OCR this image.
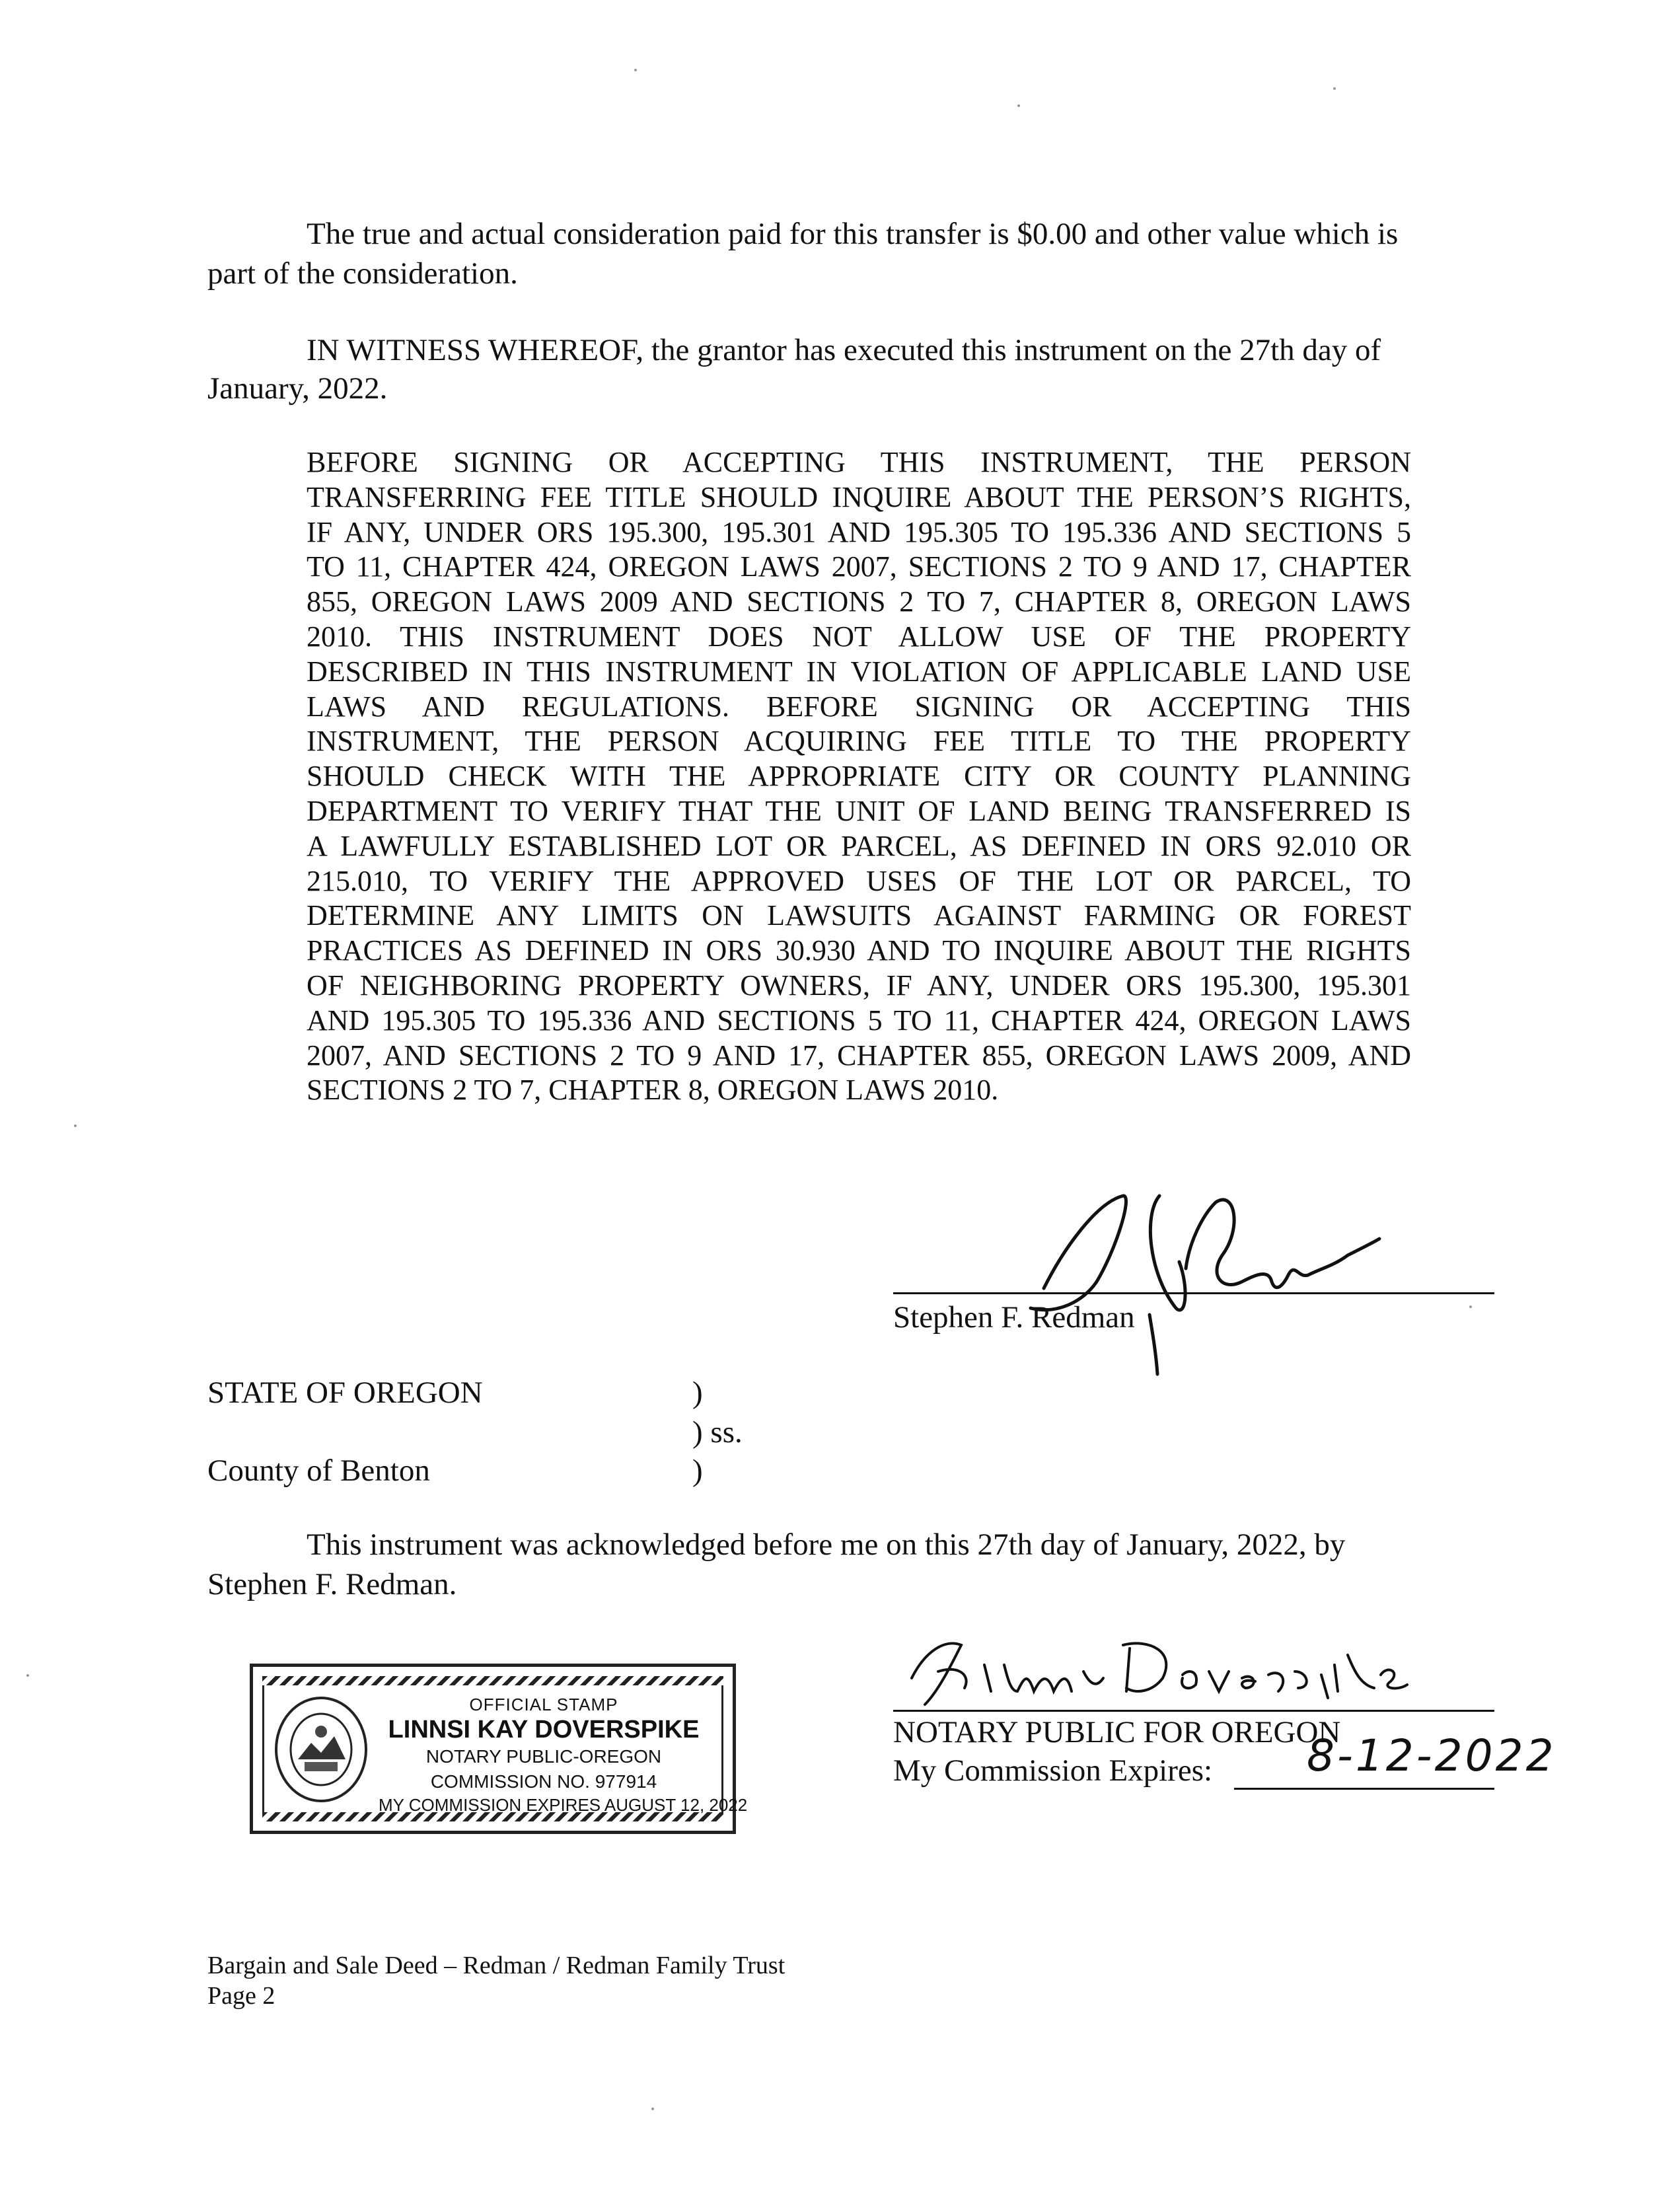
The true and actual consideration paid for this transfer is $0.00 and other value which is
part of the consideration.
IN WITNESS WHEREOF, the grantor has executed this instrument on the 27th day of
January, 2022.
BEFORE SIGNING OR ACCEPTING THIS INSTRUMENT, THE PERSON
TRANSFERRING FEE TITLE SHOULD INQUIRE ABOUT THE PERSON’S RIGHTS,
IF ANY, UNDER ORS 195.300, 195.301 AND 195.305 TO 195.336 AND SECTIONS 5
TO 11, CHAPTER 424, OREGON LAWS 2007, SECTIONS 2 TO 9 AND 17, CHAPTER
855, OREGON LAWS 2009 AND SECTIONS 2 TO 7, CHAPTER 8, OREGON LAWS
2010. THIS INSTRUMENT DOES NOT ALLOW USE OF THE PROPERTY
DESCRIBED IN THIS INSTRUMENT IN VIOLATION OF APPLICABLE LAND USE
LAWS AND REGULATIONS. BEFORE SIGNING OR ACCEPTING THIS
INSTRUMENT, THE PERSON ACQUIRING FEE TITLE TO THE PROPERTY
SHOULD CHECK WITH THE APPROPRIATE CITY OR COUNTY PLANNING
DEPARTMENT TO VERIFY THAT THE UNIT OF LAND BEING TRANSFERRED IS
A LAWFULLY ESTABLISHED LOT OR PARCEL, AS DEFINED IN ORS 92.010 OR
215.010, TO VERIFY THE APPROVED USES OF THE LOT OR PARCEL, TO
DETERMINE ANY LIMITS ON LAWSUITS AGAINST FARMING OR FOREST
PRACTICES AS DEFINED IN ORS 30.930 AND TO INQUIRE ABOUT THE RIGHTS
OF NEIGHBORING PROPERTY OWNERS, IF ANY, UNDER ORS 195.300, 195.301
AND 195.305 TO 195.336 AND SECTIONS 5 TO 11, CHAPTER 424, OREGON LAWS
2007, AND SECTIONS 2 TO 9 AND 17, CHAPTER 855, OREGON LAWS 2009, AND
SECTIONS 2 TO 7, CHAPTER 8, OREGON LAWS 2010.
Stephen F. Redman
STATE OF OREGON	)
) ss.
County of Benton	)
This instrument was acknowledged before me on this 27th day of January, 2022, by
Stephen F. Redman.
OFFICIAL STAMP
LINNSI KAY DOVERSPIKE
NOTARY PUBLIC-OREGON
COMMISSION NO. 977914
MY COMMISSION EXPIRES AUGUST 12, 2022
NOTARY PUBLIC FOR OREGON
My Commission Expires: 8-12-2022
Bargain and Sale Deed – Redman / Redman Family Trust
Page 2
